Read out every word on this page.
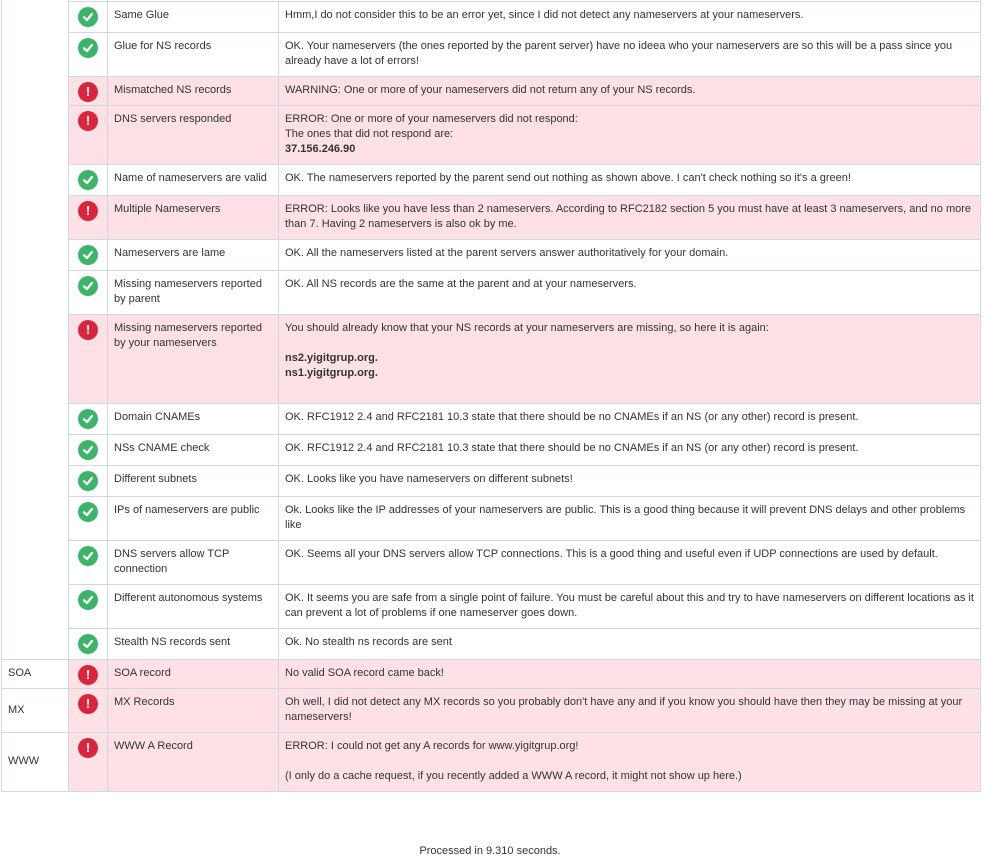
	Same Glue	Hmm,I do not consider this to be an error yet, since I did not detect any nameservers at your nameservers.

	Glue for NS records	OK. Your nameservers (the ones reported by the parent server) have no ideea who your nameservers are so this will be a pass since you already have a lot of errors!
	!	Mismatched NS records	WARNING: One or more of your nameservers did not return any of your NS records.
	!	DNS servers responded	ERROR: One or more of your nameservers did not respond:
The ones that did not respond are:
37.156.246.90

	Name of nameservers are valid	OK. The nameservers reported by the parent send out nothing as shown above. I can't check nothing so it's a green!
	!	Multiple Nameservers	ERROR: Looks like you have less than 2 nameservers. According to RFC2182 section 5 you must have at least 3 nameservers, and no more than 7. Having 2 nameservers is also ok by me.

	Nameservers are lame	OK. All the nameservers listed at the parent servers answer authoritatively for your domain.

	Missing nameservers reported by parent	OK. All NS records are the same at the parent and at your nameservers.
	!	Missing nameservers reported by your nameservers	You should already know that your NS records at your nameservers are missing, so here it is again:
ns2.yigitgrup.org.
ns1.yigitgrup.org.

	Domain CNAMEs	OK. RFC1912 2.4 and RFC2181 10.3 state that there should be no CNAMEs if an NS (or any other) record is present.

	NSs CNAME check	OK. RFC1912 2.4 and RFC2181 10.3 state that there should be no CNAMEs if an NS (or any other) record is present.

	Different subnets	OK. Looks like you have nameservers on different subnets!

	IPs of nameservers are public	Ok. Looks like the IP addresses of your nameservers are public. This is a good thing because it will prevent DNS delays and other problems like

	DNS servers allow TCP connection	OK. Seems all your DNS servers allow TCP connections. This is a good thing and useful even if UDP connections are used by default.

	Different autonomous systems	OK. It seems you are safe from a single point of failure. You must be careful about this and try to have nameservers on different locations as it can prevent a lot of problems if one nameserver goes down.

	Stealth NS records sent	Ok. No stealth ns records are sent
SOA	!	SOA record	No valid SOA record came back!
MX	!	MX Records	Oh well, I did not detect any MX records so you probably don't have any and if you know you should have then they may be missing at your nameservers!
WWW	!	WWW A Record	ERROR: I could not get any A records for www.yigitgrup.org!
(I only do a cache request, if you recently added a WWW A record, it might not show up here.)
Processed in 9.310 seconds.
